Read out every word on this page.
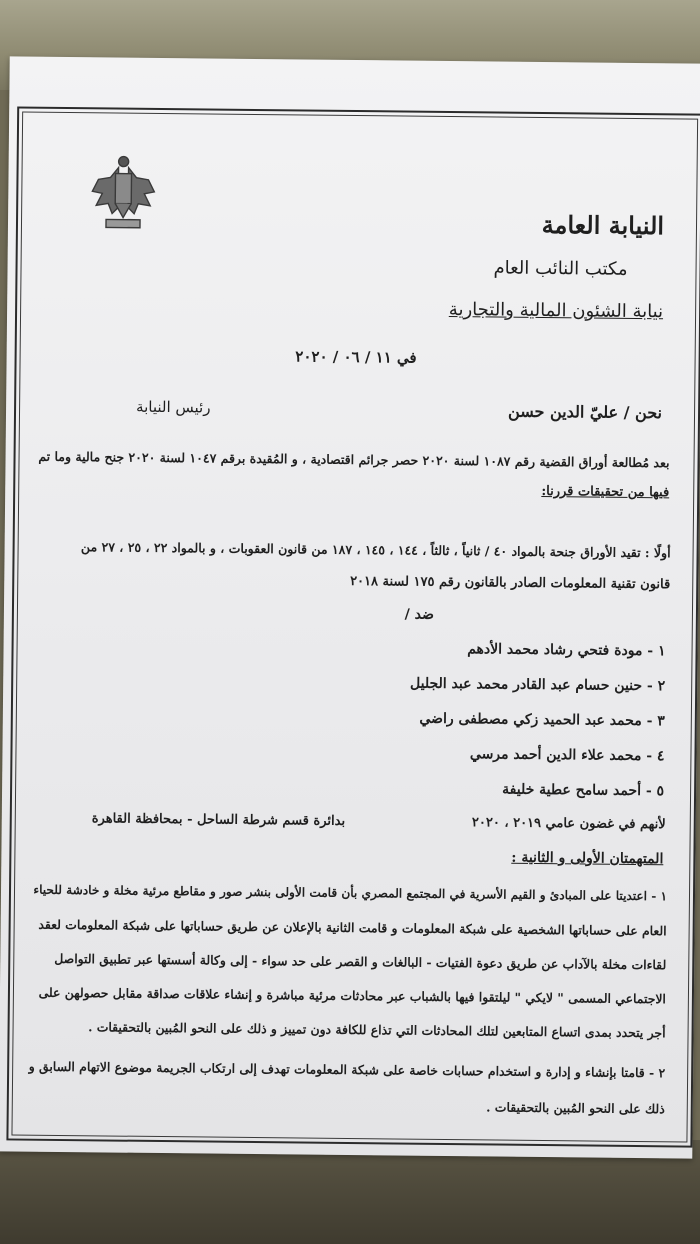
النيابة العامة
مكتب النائب العام
نيابة الشئون المالية والتجارية
في ١١ / ٠٦ / ٢٠٢٠
نحن / عليّ الدين حسن
رئيس النيابة
بعد مُطالعة أوراق القضية رقم ١٠٨٧ لسنة ٢٠٢٠ حصر جرائم اقتصادية ، و المُقيدة برقم ١٠٤٧ لسنة ٢٠٢٠ جنح مالية وما تم
فيها من تحقيقات قررنا:
أولًا : تقيد الأوراق جنحة بالمواد ٤٠ / ثانياً ، ثالثاً ، ١٤٤ ، ١٤٥ ، ١٨٧ من قانون العقوبات ، و بالمواد ٢٢ ، ٢٥ ، ٢٧ من
قانون تقنية المعلومات الصادر بالقانون رقم ١٧٥ لسنة ٢٠١٨
ضد /
١ - مودة فتحي رشاد محمد الأدهم
٢ - حنين حسام عبد القادر محمد عبد الجليل
٣ - محمد عبد الحميد زكي مصطفى راضي
٤ - محمد علاء الدين أحمد مرسي
٥ - أحمد سامح عطية خليفة
لأنهم في غضون عامي ٢٠١٩ ، ٢٠٢٠
بدائرة قسم شرطة الساحل - بمحافظة القاهرة
المتهمتان الأولى و الثانية :
١ - اعتديتا على المبادئ و القيم الأسرية في المجتمع المصري بأن قامت الأولى بنشر صور و مقاطع مرئية مخلة و خادشة للحياء
العام على حساباتها الشخصية على شبكة المعلومات و قامت الثانية بالإعلان عن طريق حساباتها على شبكة المعلومات لعقد
لقاءات مخلة بالآداب عن طريق دعوة الفتيات - البالغات و القصر على حد سواء - إلى وكالة أسستها عبر تطبيق التواصل
الاجتماعي المسمى " لايكي " ليلتقوا فيها بالشباب عبر محادثات مرئية مباشرة و إنشاء علاقات صداقة مقابل حصولهن على
أجر يتحدد بمدى اتساع المتابعين لتلك المحادثات التي تذاع للكافة دون تمييز و ذلك على النحو المُبين بالتحقيقات .
٢ - قامتا بإنشاء و إدارة و استخدام حسابات خاصة على شبكة المعلومات تهدف إلى ارتكاب الجريمة موضوع الاتهام السابق و
ذلك على النحو المُبين بالتحقيقات .
